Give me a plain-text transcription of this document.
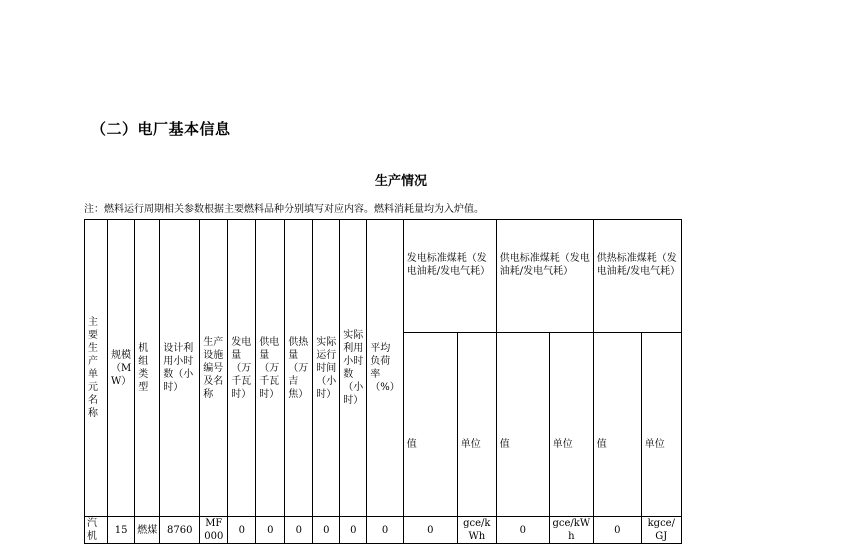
（二）电厂基本信息
生产情况
注：燃料运行周期相关参数根据主要燃料品种分别填写对应内容。燃料消耗量均为入炉值。
主要生产单元名称	规模（MW）	机组类型	设计利用小时数（小时）	生产设施编号及名称	发电量（万千瓦时）	供电量（万千瓦时）	供热量（万吉焦）	实际运行时间（小时）	实际利用小时数（小时）	平均负荷率（%）	发电标准煤耗（发电油耗/发电气耗）		供电标准煤耗（发电油耗/发电气耗）		供热标准煤耗（发电油耗/发电气耗）	
											值	单位	值	单位	值	单位
汽机	15	燃煤	8760	MF000	0	0	0	0	0	0	0	gce/kWh	0	gce/kWh	0	kgce/GJ
